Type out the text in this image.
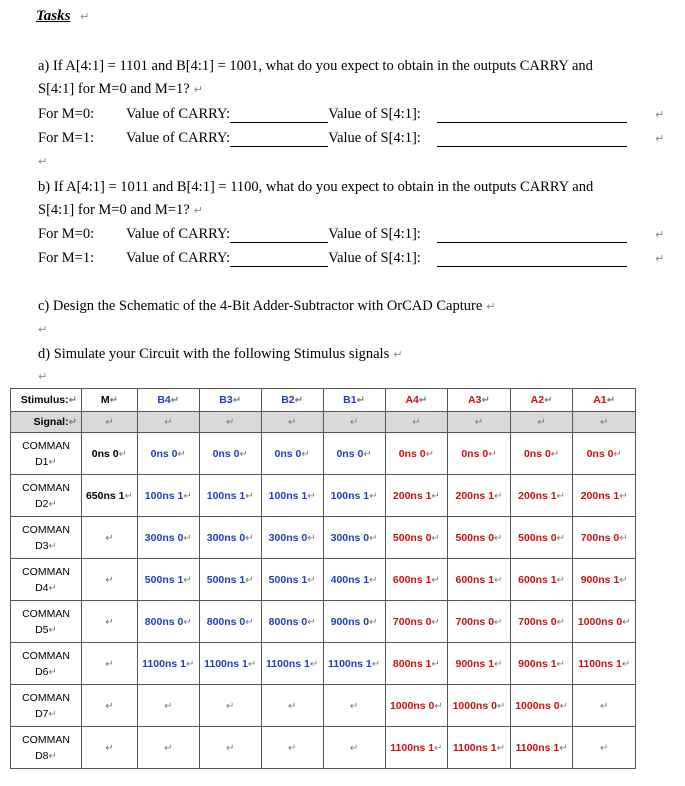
Tasks ↵
a) If A[4:1] = 1101 and B[4:1] = 1001, what do you expect to obtain in the outputs CARRY and
S[4:1] for M=0 and M=1? ↵
For M=0: Value of CARRY:	Value of S[4:1]:	↵
For M=1: Value of CARRY:	Value of S[4:1]:	↵
↵
b) If A[4:1] = 1011 and B[4:1] = 1100, what do you expect to obtain in the outputs CARRY and
S[4:1] for M=0 and M=1? ↵
For M=0: Value of CARRY:	Value of S[4:1]:	↵
For M=1: Value of CARRY:	Value of S[4:1]:	↵
c) Design the Schematic of the 4-Bit Adder-Subtractor with OrCAD Capture ↵
↵
d) Simulate your Circuit with the following Stimulus signals ↵
↵
Stimulus:↵	M↵	B4↵	B3↵	B2↵	B1↵	A4↵	A3↵	A2↵	A1↵
Signal:↵	↵	↵	↵	↵	↵	↵	↵	↵	↵

COMMAN
D1↵	0ns 0↵	0ns 0↵	0ns 0↵	0ns 0↵	0ns 0↵	0ns 0↵	0ns 0↵	0ns 0↵	0ns 0↵

COMMAN
D2↵	650ns 1↵	100ns 1↵	100ns 1↵	100ns 1↵	100ns 1↵	200ns 1↵	200ns 1↵	200ns 1↵	200ns 1↵

COMMAN
D3↵	↵	300ns 0↵	300ns 0↵	300ns 0↵	300ns 0↵	500ns 0↵	500ns 0↵	500ns 0↵	700ns 0↵

COMMAN
D4↵	↵	500ns 1↵	500ns 1↵	500ns 1↵	400ns 1↵	600ns 1↵	600ns 1↵	600ns 1↵	900ns 1↵

COMMAN
D5↵	↵	800ns 0↵	800ns 0↵	800ns 0↵	900ns 0↵	700ns 0↵	700ns 0↵	700ns 0↵	1000ns 0↵

COMMAN
D6↵	↵	1100ns 1↵	1100ns 1↵	1100ns 1↵	1100ns 1↵	800ns 1↵	900ns 1↵	900ns 1↵	1100ns 1↵

COMMAN
D7↵	↵	↵	↵	↵	↵	1000ns 0↵	1000ns 0↵	1000ns 0↵	↵

COMMAN
D8↵	↵	↵	↵	↵	↵	1100ns 1↵	1100ns 1↵	1100ns 1↵	↵
